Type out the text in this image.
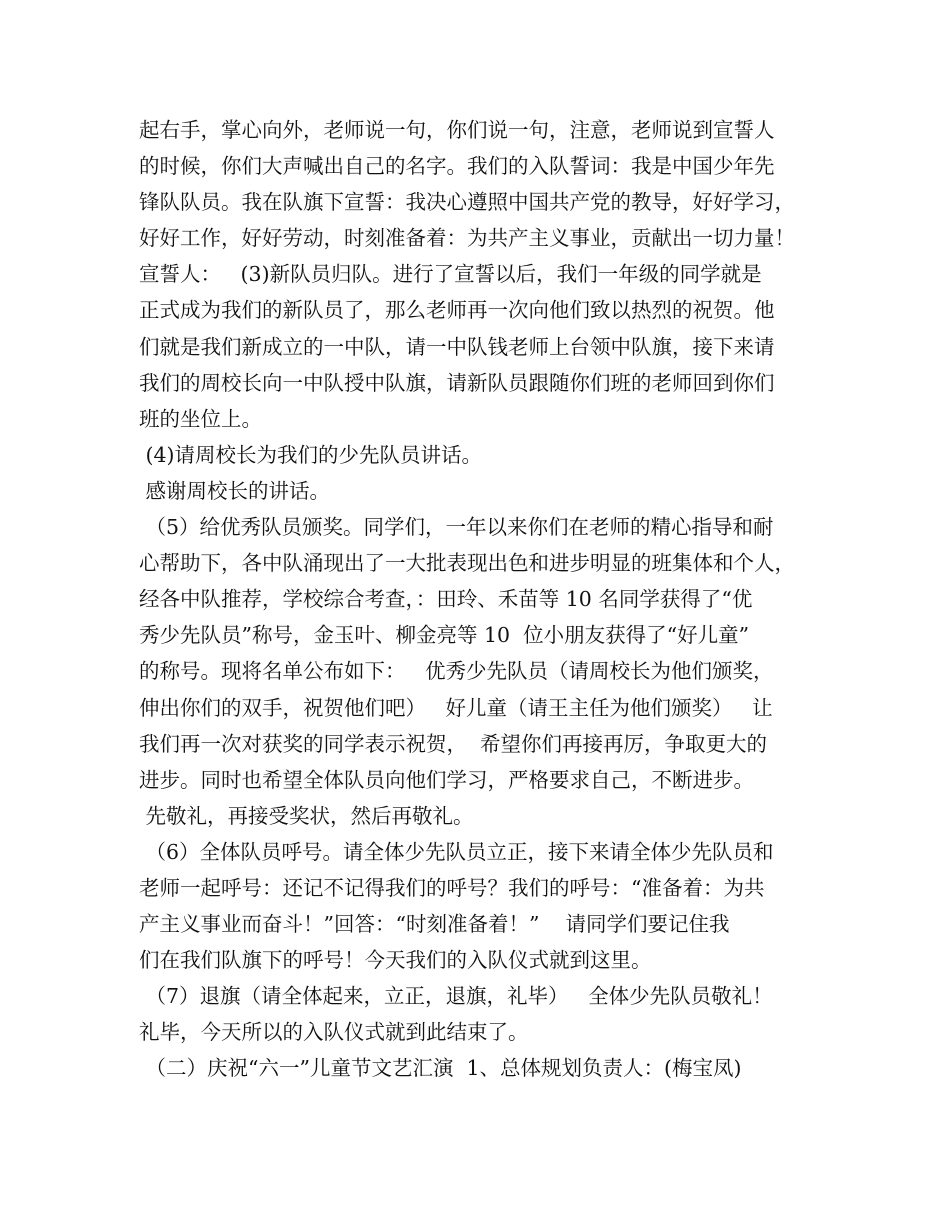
起右手，掌心向外，老师说一句，你们说一句，注意，老师说到宣誓人
的时候，你们大声喊出自己的名字。我们的入队誓词：我是中国少年先
锋队队员。我在队旗下宣誓：我决心遵照中国共产党的教导，好好学习，
好好工作，好好劳动，时刻准备着：为共产主义事业，贡献出一切力量！
宣誓人：   (3)新队员归队。进行了宣誓以后，我们一年级的同学就是
正式成为我们的新队员了，那么老师再一次向他们致以热烈的祝贺。他
们就是我们新成立的一中队，请一中队钱老师上台领中队旗，接下来请
我们的周校长向一中队授中队旗，请新队员跟随你们班的老师回到你们
班的坐位上。
(4)请周校长为我们的少先队员讲话。
感谢周校长的讲话。
（5）给优秀队员颁奖。同学们，一年以来你们在老师的精心指导和耐
心帮助下，各中队涌现出了一大批表现出色和进步明显的班集体和个人，
经各中队推荐，学校综合考查，：田玲、禾苗等 10 名同学获得了“优
秀少先队员”称号，金玉叶、柳金亮等 10  位小朋友获得了“好儿童”
的称号。现将名单公布如下：   优秀少先队员（请周校长为他们颁奖，
伸出你们的双手，祝贺他们吧）   好儿童（请王主任为他们颁奖）   让
我们再一次对获奖的同学表示祝贺，  希望你们再接再厉，争取更大的
进步。同时也希望全体队员向他们学习，严格要求自己，不断进步。
先敬礼，再接受奖状，然后再敬礼。
（6）全体队员呼号。请全体少先队员立正，接下来请全体少先队员和
老师一起呼号：还记不记得我们的呼号？我们的呼号：“准备着：为共
产主义事业而奋斗！”回答：“时刻准备着！”    请同学们要记住我
们在我们队旗下的呼号！今天我们的入队仪式就到这里。
（7）退旗（请全体起来，立正，退旗，礼毕）   全体少先队员敬礼！
礼毕，今天所以的入队仪式就到此结束了。
（二）庆祝“六一”儿童节文艺汇演  1、总体规划负责人：(梅宝凤)
